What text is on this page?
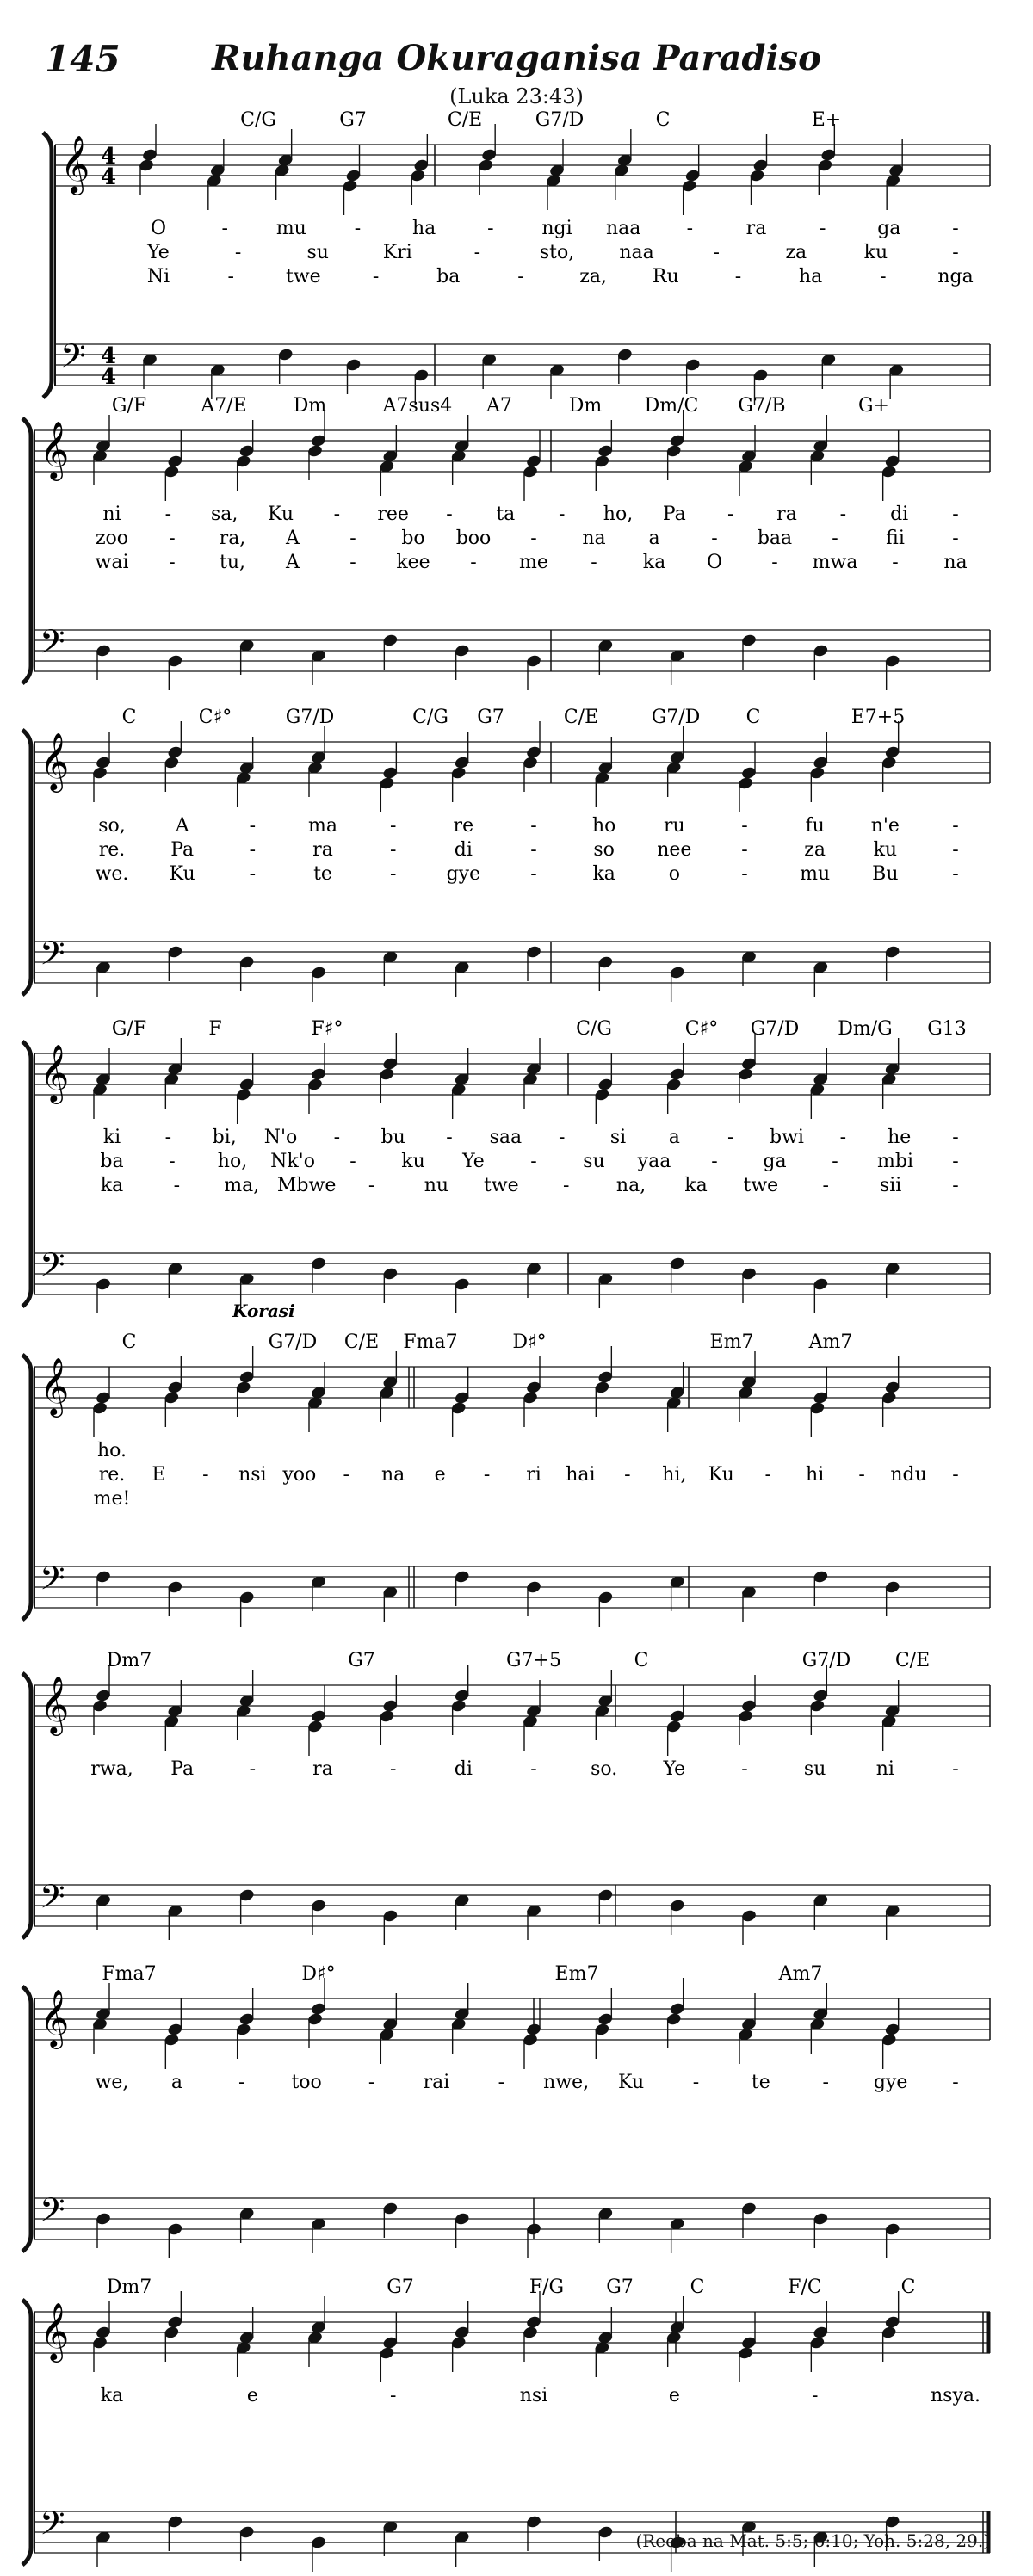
145	Ruhanga Okuraganisa Paradiso
(Luka 23:43)
C/G	G7	C/E	G7/D	C	E+
𝄞
𝄢
4
4
4
4
O	-	mu	-	ha	-	ngi naa -	ra	-	ga	-
Ye	-	su	Kri	-	sto, naa	-	za	ku	-
Ni	-	twe	-	ba	-	za, Ru	-	ha	-	nga
G/F	A7/E Dm	A7sus4 A7	Dm Dm/C G7/B	G+
𝄞
𝄢
ni - sa, Ku - ree - ta - ho, Pa - ra - di -
zoo - ra, A	- bo boo - na a	- baa -	fii	-
wai - tu, A	- kee - me - ka O	- mwa - na
C	C♯°	G7/D	C/G G7	C/E	G7/D C	E7+5
𝄞
𝄢
so,	A	-	ma	-	re	-	ho	ru	-	fu n'e	-
re. Pa	-	ra	-	di	-	so nee	-	za	ku	-
we. Ku	-	te	-	gye	-	ka	o	-	mu Bu	-
G/F	F	F♯°	C/G	C♯° G7/D Dm/G G13
𝄞
𝄢
ki - bi, N'o - bu - saa - si a	- bwi - he -
ba - ho, Nk'o - ku Ye - su yaa - ga - mbi -
ka	- ma, Mbwe -	nu twe - na, ka twe -	sii	-
C	G7/D C/E Fma7	D♯°	Em7	Am7
𝄞
𝄢
Korasi
ho.
re. E - nsi yoo - na e - ri hai - hi, Ku - hi - ndu -
me!
Dm7	G7	G7+5	C	G7/D C/E
𝄞
𝄢
rwa, Pa	-	ra	-	di	-	so. Ye	-	su	ni	-
Fma7	D♯°	Em7	Am7
𝄞
𝄢
we, a	- too -	rai	- nwe, Ku	-	te	- gye -
Dm7	G7	F/G G7	C	F/C	C
𝄞
𝄢
ka	e	-	nsi	e	-	nsya.
(Reeba na Mat. 5:5; 6:10; Yoh. 5:28, 29.)
